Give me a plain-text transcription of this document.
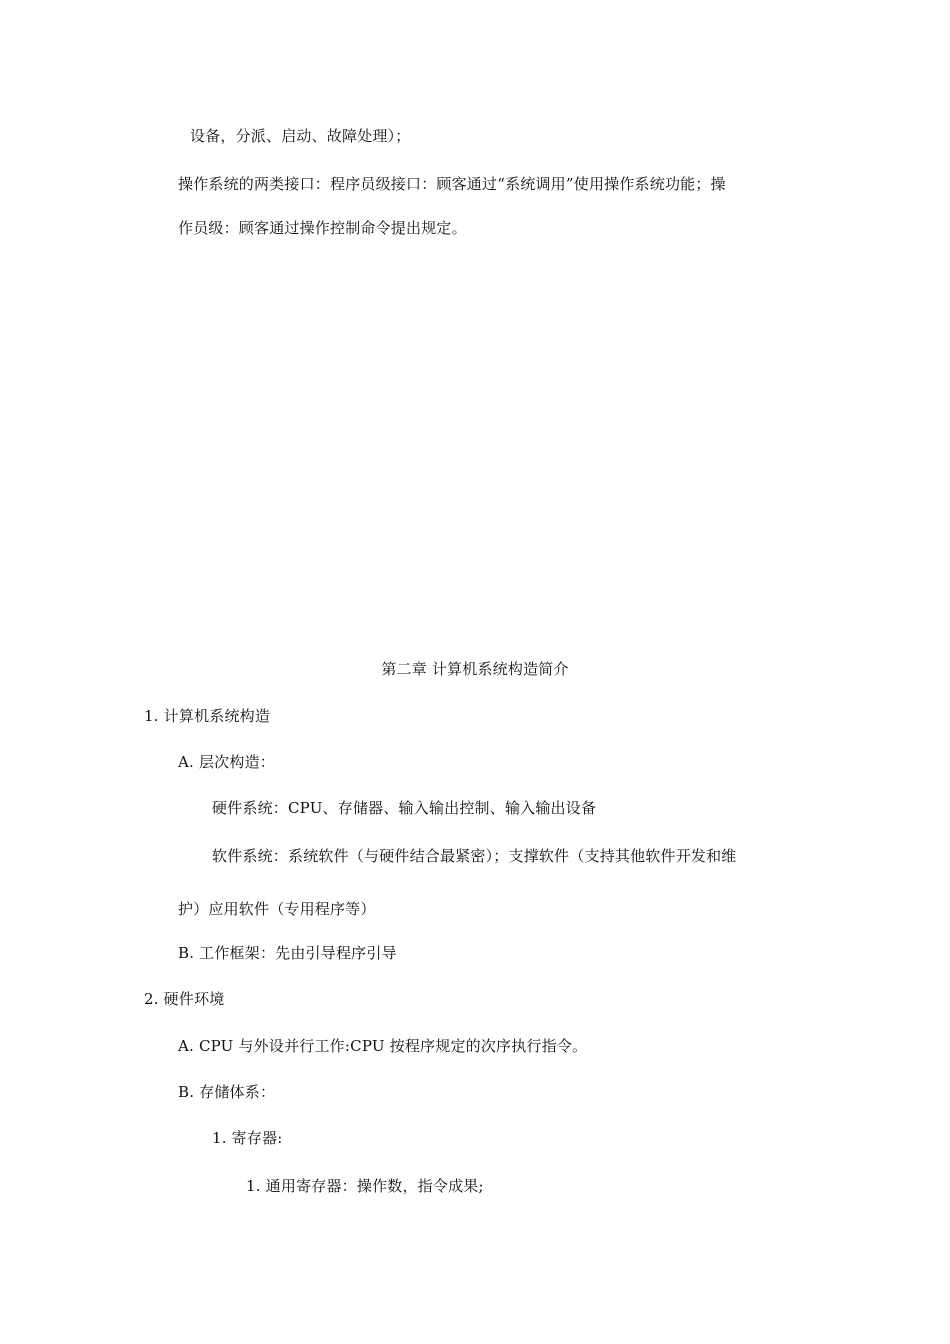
设备，分派、启动、故障处理）；
操作系统的两类接口：程序员级接口：顾客通过“系统调用”使用操作系统功能；操
作员级：顾客通过操作控制命令提出规定。
第二章 计算机系统构造简介
1. 计算机系统构造
A. 层次构造：
硬件系统：CPU、存储器、输入输出控制、输入输出设备
软件系统：系统软件（与硬件结合最紧密）；支撑软件（支持其他软件开发和维
护）应用软件（专用程序等）
B. 工作框架：先由引导程序引导
2. 硬件环境
A. CPU 与外设并行工作:CPU 按程序规定的次序执行指令。
B. 存储体系：
1. 寄存器:
1. 通用寄存器：操作数，指令成果;
